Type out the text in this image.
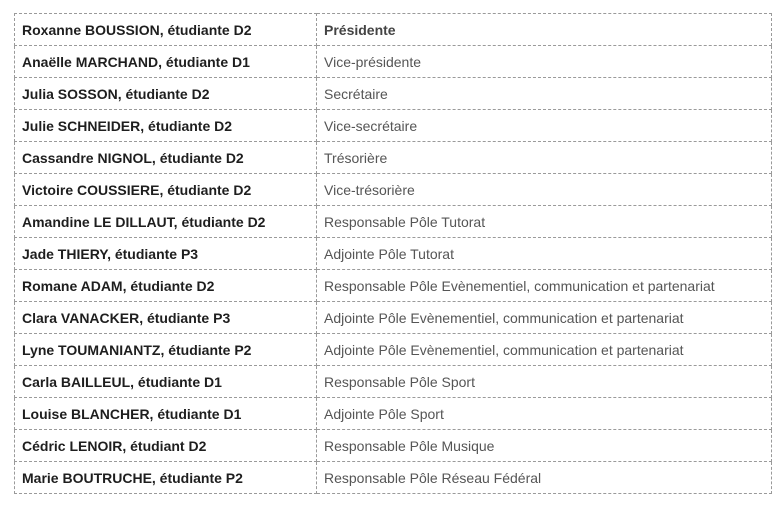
Roxanne BOUSSION, étudiante D2	Présidente
Anaëlle MARCHAND, étudiante D1	Vice-présidente
Julia SOSSON, étudiante D2	Secrétaire
Julie SCHNEIDER, étudiante D2	Vice-secrétaire
Cassandre NIGNOL, étudiante D2	Trésorière
Victoire COUSSIERE, étudiante D2	Vice-trésorière
Amandine LE DILLAUT, étudiante D2	Responsable Pôle Tutorat
Jade THIERY, étudiante P3	Adjointe Pôle Tutorat
Romane ADAM, étudiante D2	Responsable Pôle Evènementiel, communication et partenariat
Clara VANACKER, étudiante P3	Adjointe Pôle Evènementiel, communication et partenariat
Lyne TOUMANIANTZ, étudiante P2	Adjointe Pôle Evènementiel, communication et partenariat
Carla BAILLEUL, étudiante D1	Responsable Pôle Sport
Louise BLANCHER, étudiante D1	Adjointe Pôle Sport
Cédric LENOIR, étudiant D2	Responsable Pôle Musique
Marie BOUTRUCHE, étudiante P2	Responsable Pôle Réseau Fédéral
